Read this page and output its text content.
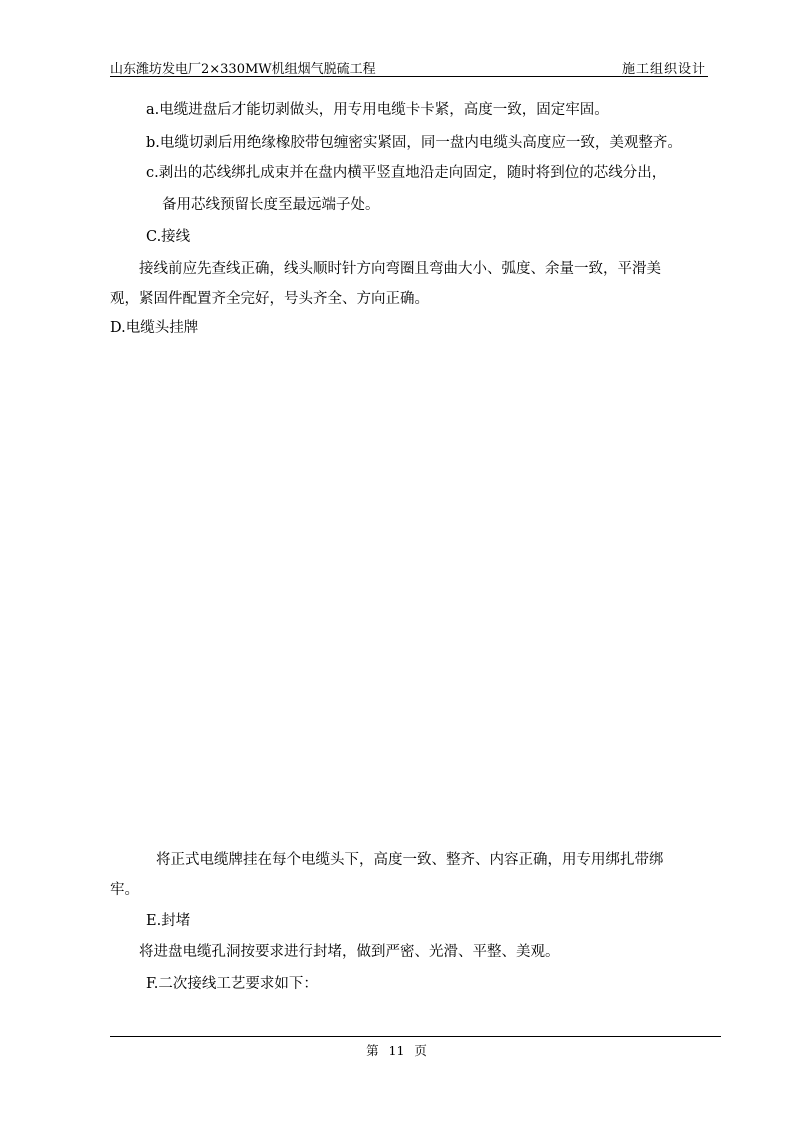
山东潍坊发电厂2×330MW机组烟气脱硫工程	施工组织设计
a.电缆进盘后才能切剥做头，用专用电缆卡卡紧，高度一致，固定牢固。
b.电缆切剥后用绝缘橡胶带包缠密实紧固，同一盘内电缆头高度应一致，美观整齐。
c.剥出的芯线绑扎成束并在盘内横平竖直地沿走向固定，随时将到位的芯线分出，
备用芯线预留长度至最远端子处。
C.接线
接线前应先查线正确，线头顺时针方向弯圈且弯曲大小、弧度、余量一致，平滑美
观，紧固件配置齐全完好，号头齐全、方向正确。
D.电缆头挂牌
将正式电缆牌挂在每个电缆头下，高度一致、整齐、内容正确，用专用绑扎带绑
牢。
E.封堵
将进盘电缆孔洞按要求进行封堵，做到严密、光滑、平整、美观。
F.二次接线工艺要求如下：
第 11 页
